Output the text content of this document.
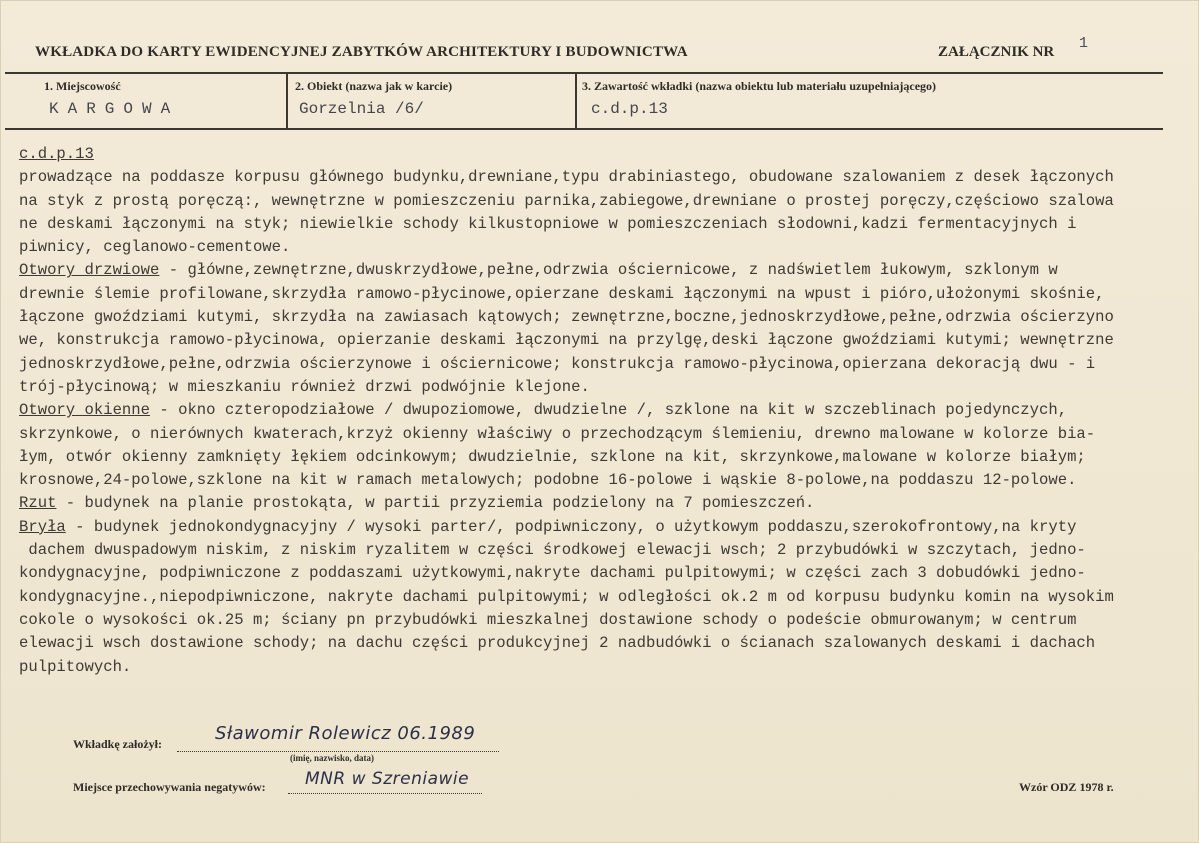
WKŁADKA DO KARTY EWIDENCYJNEJ ZABYTKÓW ARCHITEKTURY I BUDOWNICTWA	ZAŁĄCZNIK NR 1
1. Miejscowość
KARGOWA
2. Obiekt (nazwa jak w karcie)
Gorzelnia /6/
3. Zawartość wkładki (nazwa obiektu lub materiału uzupełniającego)
c.d.p.13
c.d.p.13
prowadzące na poddasze korpusu głównego budynku,drewniane,typu drabiniastego, obudowane szalowaniem z desek łączonych
na styk z prostą poręczą:, wewnętrzne w pomieszczeniu parnika,zabiegowe,drewniane o prostej poręczy,częściowo szalowa
ne deskami łączonymi na styk; niewielkie schody kilkustopniowe w pomieszczeniach słodowni,kadzi fermentacyjnych i
piwnicy, ceglanowo-cementowe.
Otwory drzwiowe - główne,zewnętrzne,dwuskrzydłowe,pełne,odrzwia ościernicowe, z nadświetlem łukowym, szklonym w
drewnie ślemie profilowane,skrzydła ramowo-płycinowe,opierzane deskami łączonymi na wpust i pióro,ułożonymi skośnie,
łączone gwoździami kutymi, skrzydła na zawiasach kątowych; zewnętrzne,boczne,jednoskrzydłowe,pełne,odrzwia ościerzyno
we, konstrukcja ramowo-płycinowa, opierzanie deskami łączonymi na przylgę,deski łączone gwoździami kutymi; wewnętrzne
jednoskrzydłowe,pełne,odrzwia ościerzynowe i ościernicowe; konstrukcja ramowo-płycinowa,opierzana dekoracją dwu - i
trój-płycinową; w mieszkaniu również drzwi podwójnie klejone.
Otwory okienne - okno czteropodziałowe / dwupoziomowe, dwudzielne /, szklone na kit w szczeblinach pojedynczych,
skrzynkowe, o nierównych kwaterach,krzyż okienny właściwy o przechodzącym ślemieniu, drewno malowane w kolorze bia-
łym, otwór okienny zamknięty łękiem odcinkowym; dwudzielnie, szklone na kit, skrzynkowe,malowane w kolorze białym;
krosnowe,24-polowe,szklone na kit w ramach metalowych; podobne 16-polowe i wąskie 8-polowe,na poddaszu 12-polowe.
Rzut - budynek na planie prostokąta, w partii przyziemia podzielony na 7 pomieszczeń.
Bryła - budynek jednokondygnacyjny / wysoki parter/, podpiwniczony, o użytkowym poddaszu,szerokofrontowy,na kryty
dachem dwuspadowym niskim, z niskim ryzalitem w części środkowej elewacji wsch; 2 przybudówki w szczytach, jedno-
kondygnacyjne, podpiwniczone z poddaszami użytkowymi,nakryte dachami pulpitowymi; w części zach 3 dobudówki jedno-
kondygnacyjne.,niepodpiwniczone, nakryte dachami pulpitowymi; w odległości ok.2 m od korpusu budynku komin na wysokim
cokole o wysokości ok.25 m; ściany pn przybudówki mieszkalnej dostawione schody o podeście obmurowanym; w centrum
elewacji wsch dostawione schody; na dachu części produkcyjnej 2 nadbudówki o ścianach szalowanych deskami i dachach
pulpitowych.
Wkładkę założył:	Sławomir Rolewicz 06.1989
(imię, nazwisko, data)
Miejsce przechowywania negatywów: MNR w Szreniawie	Wzór ODZ 1978 r.
